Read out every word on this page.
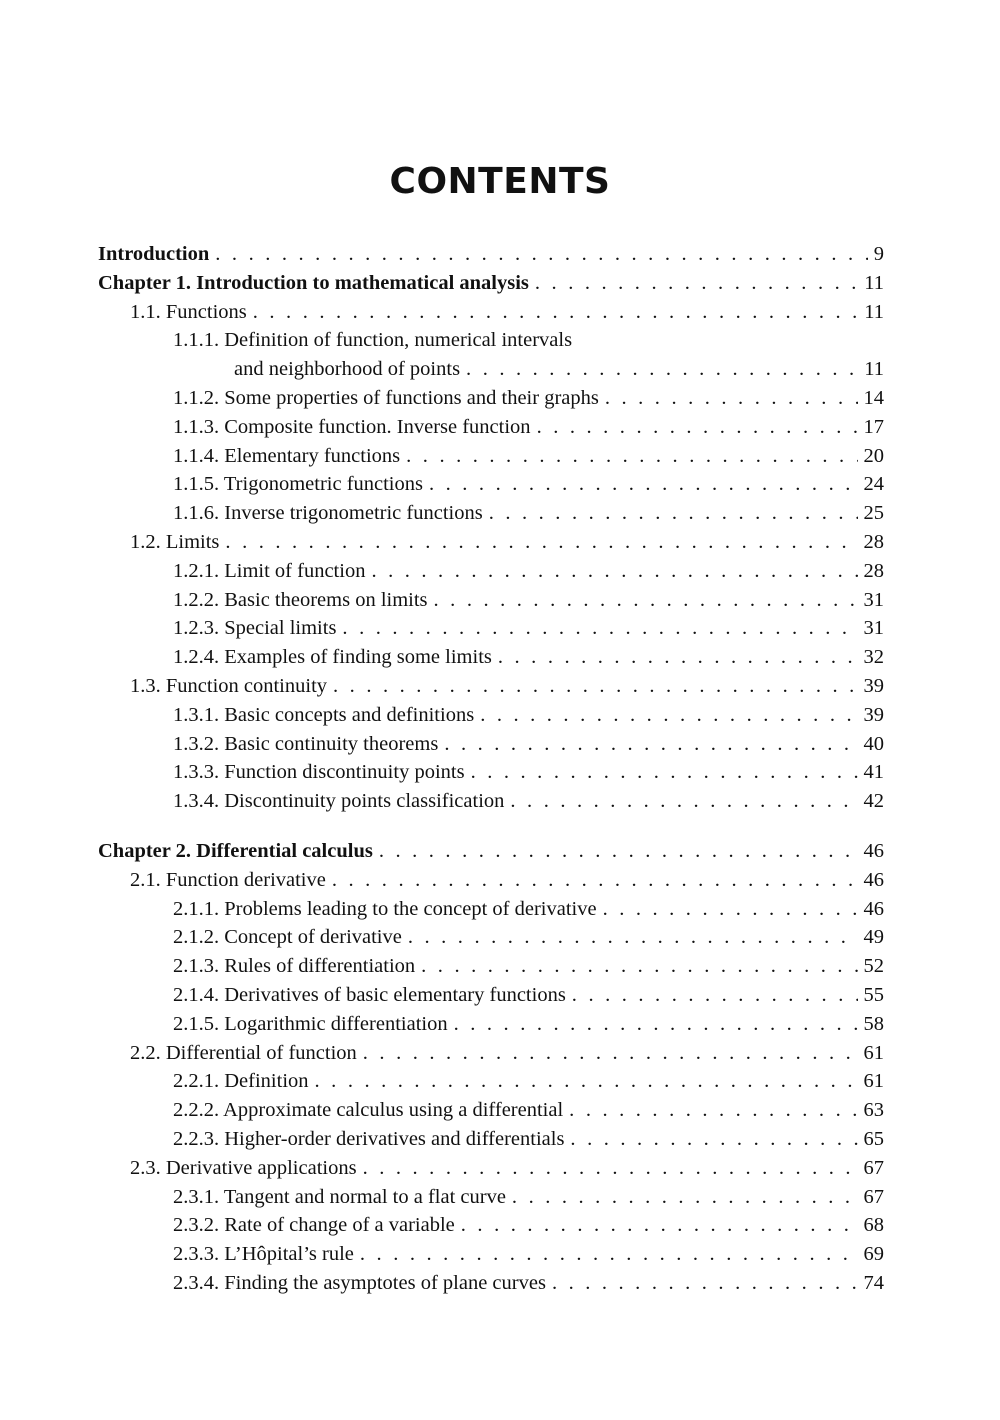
CONTENTS
Introduction . . .	9
Chapter 1. Introduction to mathematical analysis . . .	11
1.1. Functions . . .	11
1.1.1. Definition of function, numerical intervals
and neighborhood of points . . .	11
1.1.2. Some properties of functions and their graphs . . .	14
1.1.3. Composite function. Inverse function . . .	17
1.1.4. Elementary functions . . .	20
1.1.5. Trigonometric functions . . .	24
1.1.6. Inverse trigonometric functions . . .	25
1.2. Limits . . .	28
1.2.1. Limit of function . . .	28
1.2.2. Basic theorems on limits . . .	31
1.2.3. Special limits . . .	31
1.2.4. Examples of finding some limits . . .	32
1.3. Function continuity . . .	39
1.3.1. Basic concepts and definitions . . .	39
1.3.2. Basic continuity theorems . . .	40
1.3.3. Function discontinuity points . . .	41
1.3.4. Discontinuity points classification . . .	42
Chapter 2. Differential calculus . . .	46
2.1. Function derivative . . .	46
2.1.1. Problems leading to the concept of derivative . . .	46
2.1.2. Concept of derivative . . .	49
2.1.3. Rules of differentiation . . .	52
2.1.4. Derivatives of basic elementary functions . . .	55
2.1.5. Logarithmic differentiation . . .	58
2.2. Differential of function . . .	61
2.2.1. Definition . . .	61
2.2.2. Approximate calculus using a differential . . .	63
2.2.3. Higher-order derivatives and differentials . . .	65
2.3. Derivative applications . . .	67
2.3.1. Tangent and normal to a flat curve . . .	67
2.3.2. Rate of change of a variable . . .	68
2.3.3. L’Hôpital’s rule . . .	69
2.3.4. Finding the asymptotes of plane curves . . .	74
